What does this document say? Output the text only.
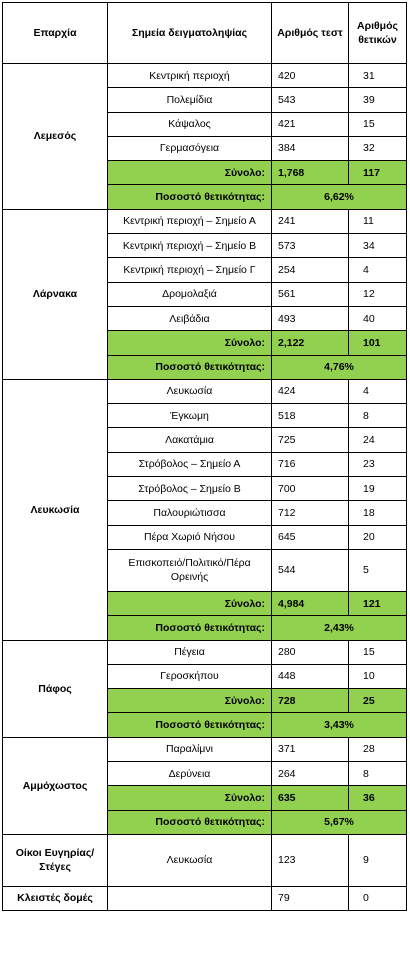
Επαρχία	Σημεία δειγματοληψίας	Αριθμός τεστ	Αριθμός θετικών
Λεμεσός	Κεντρική περιοχή	420	31
	Πολεμίδια	543	39
	Κάψαλος	421	15
	Γερμασόγεια	384	32
	Σύνολο:	1,768	117
	Ποσοστό θετικότητας:	6,62%	
Λάρνακα	Κεντρική περιοχή – Σημείο Α	241	11
	Κεντρική περιοχή – Σημείο Β	573	34
	Κεντρική περιοχή – Σημείο Γ	254	4
	Δρομολαξιά	561	12
	Λειβάδια	493	40
	Σύνολο:	2,122	101
	Ποσοστό θετικότητας:	4,76%	
Λευκωσία	Λευκωσία	424	4
	Έγκωμη	518	8
	Λακατάμια	725	24
	Στρόβολος – Σημείο Α	716	23
	Στρόβολος – Σημείο Β	700	19
	Παλουριώτισσα	712	18
	Πέρα Χωριό Νήσου	645	20
	Επισκοπειό/Πολιτικό/Πέρα Ορεινής	544	5
	Σύνολο:	4,984	121
	Ποσοστό θετικότητας:	2,43%	
Πάφος	Πέγεια	280	15
	Γεροσκήπου	448	10
	Σύνολο:	728	25
	Ποσοστό θετικότητας:	3,43%	
Αμμόχωστος	Παραλίμνι	371	28
	Δερύνεια	264	8
	Σύνολο:	635	36
	Ποσοστό θετικότητας:	5,67%	
Οίκοι Ευγηρίας/Στέγες	Λευκωσία	123	9
Κλειστές δομές		79	0
